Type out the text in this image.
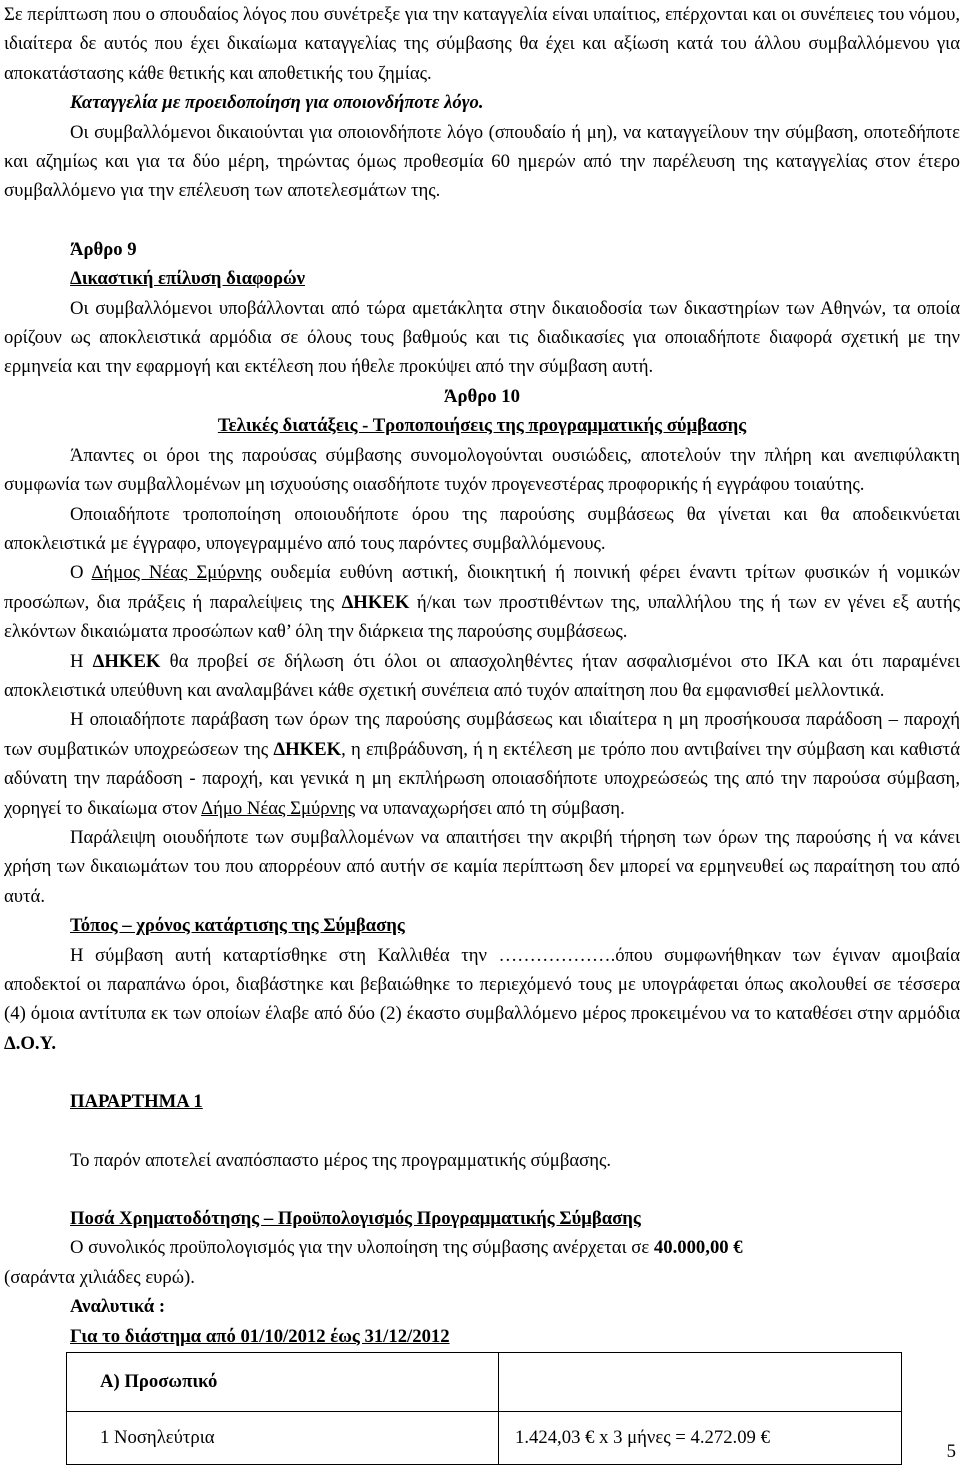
Σε περίπτωση που ο σπουδαίος λόγος που συνέτρεξε για την καταγγελία είναι υπαίτιος, επέρχονται και οι συνέπειες του νόμου, ιδιαίτερα δε αυτός που έχει δικαίωμα καταγγελίας της σύμβασης θα έχει και αξίωση κατά του άλλου συμβαλλόμενου για αποκατάστασης κάθε θετικής και αποθετικής του ζημίας.

Καταγγελία με προειδοποίηση για οποιονδήποτε λόγο.

Οι συμβαλλόμενοι δικαιούνται για οποιονδήποτε λόγο (σπουδαίο ή μη), να καταγγείλουν την σύμβαση, οποτεδήποτε και αζημίως και για τα δύο μέρη, τηρώντας όμως προθεσμία 60 ημερών από την παρέλευση της καταγγελίας στον έτερο συμβαλλόμενο για την επέλευση των αποτελεσμάτων της.

Άρθρο 9

Δικαστική επίλυση διαφορών

Οι συμβαλλόμενοι υποβάλλονται από τώρα αμετάκλητα στην δικαιοδοσία των δικαστηρίων των Αθηνών, τα οποία ορίζουν ως αποκλειστικά αρμόδια σε όλους τους βαθμούς και τις διαδικασίες για οποιαδήποτε διαφορά σχετική με την ερμηνεία και την εφαρμογή και εκτέλεση που ήθελε προκύψει από την σύμβαση αυτή.

Άρθρο 10

Τελικές διατάξεις - Τροποποιήσεις της προγραμματικής σύμβασης

Άπαντες οι όροι της παρούσας σύμβασης συνομολογούνται ουσιώδεις, αποτελούν την πλήρη και ανεπιφύλακτη συμφωνία των συμβαλλομένων μη ισχυούσης οιασδήποτε τυχόν προγενεστέρας προφορικής ή εγγράφου τοιαύτης.

Οποιαδήποτε τροποποίηση οποιουδήποτε όρου της παρούσης συμβάσεως θα γίνεται και θα αποδεικνύεται αποκλειστικά με έγγραφο, υπογεγραμμένο από τους παρόντες συμβαλλόμενους.

Ο Δήμος Νέας Σμύρνης ουδεμία ευθύνη αστική, διοικητική ή ποινική φέρει έναντι τρίτων φυσικών ή νομικών προσώπων, δια πράξεις ή παραλείψεις της ΔΗΚΕΚ ή/και των προστιθέντων της, υπαλλήλου της ή των εν γένει εξ αυτής ελκόντων δικαιώματα προσώπων καθ’ όλη την διάρκεια της παρούσης συμβάσεως.

Η ΔΗΚΕΚ θα προβεί σε δήλωση ότι όλοι οι απασχοληθέντες ήταν ασφαλισμένοι στο ΙΚΑ και ότι παραμένει αποκλειστικά υπεύθυνη και αναλαμβάνει κάθε σχετική συνέπεια από τυχόν απαίτηση που θα εμφανισθεί μελλοντικά.

Η οποιαδήποτε παράβαση των όρων της παρούσης συμβάσεως και ιδιαίτερα η μη προσήκουσα παράδοση – παροχή των συμβατικών υποχρεώσεων της ΔΗΚΕΚ, η επιβράδυνση, ή η εκτέλεση με τρόπο που αντιβαίνει την σύμβαση και καθιστά αδύνατη την παράδοση - παροχή, και γενικά η μη εκπλήρωση οποιασδήποτε υποχρεώσεώς της από την παρούσα σύμβαση, χορηγεί το δικαίωμα στον Δήμο Νέας Σμύρνης να υπαναχωρήσει από τη σύμβαση.

Παράλειψη οιουδήποτε των συμβαλλομένων να απαιτήσει την ακριβή τήρηση των όρων της παρούσης ή να κάνει χρήση των δικαιωμάτων του που απορρέουν από αυτήν σε καμία περίπτωση δεν μπορεί να ερμηνευθεί ως παραίτηση του από αυτά.

Τόπος – χρόνος κατάρτισης της Σύμβασης

Η σύμβαση αυτή καταρτίσθηκε στη Καλλιθέα την ……………….όπου συμφωνήθηκαν των έγιναν αμοιβαία αποδεκτοί οι παραπάνω όροι, διαβάστηκε και βεβαιώθηκε το περιεχόμενό τους με υπογράφεται όπως ακολουθεί σε τέσσερα (4) όμοια αντίτυπα εκ των οποίων έλαβε από δύο (2) έκαστο συμβαλλόμενο μέρος προκειμένου να το καταθέσει στην αρμόδια Δ.Ο.Υ.

ΠΑΡΑΡΤΗΜΑ 1

Το παρόν αποτελεί αναπόσπαστο μέρος της προγραμματικής σύμβασης.

Ποσά Χρηματοδότησης – Προϋπολογισμός Προγραμματικής Σύμβασης

Ο συνολικός προϋπολογισμός για την υλοποίηση της σύμβασης ανέρχεται σε 40.000,00 €

(σαράντα χιλιάδες ευρώ).

Αναλυτικά :

Για το διάστημα από 01/10/2012 έως 31/12/2012

Α) Προσωπικό	
1 Νοσηλεύτρια	1.424,03 € x 3 μήνες = 4.272.09 €
5
